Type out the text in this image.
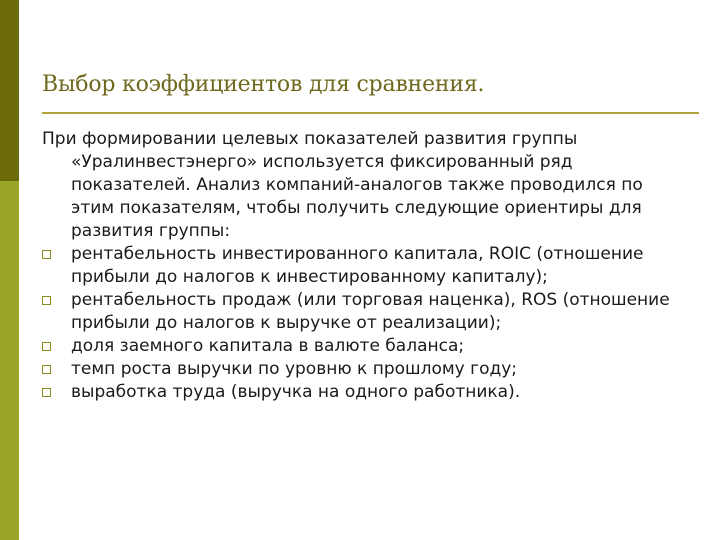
Выбор коэффициентов для сравнения.

При формировании целевых показателей развития группы «Уралинвестэнерго» используется фиксированный ряд показателей. Анализ компаний-аналогов также проводился по этим показателям, чтобы получить следующие ориентиры для развития группы:

рентабельность инвестированного капитала, ROIC (отношение прибыли до налогов к инвестированному капиталу);
рентабельность продаж (или торговая наценка), ROS (отношение прибыли до налогов к выручке от реализации);
доля заемного капитала в валюте баланса;
темп роста выручки по уровню к прошлому году;
выработка труда (выручка на одного работника).
